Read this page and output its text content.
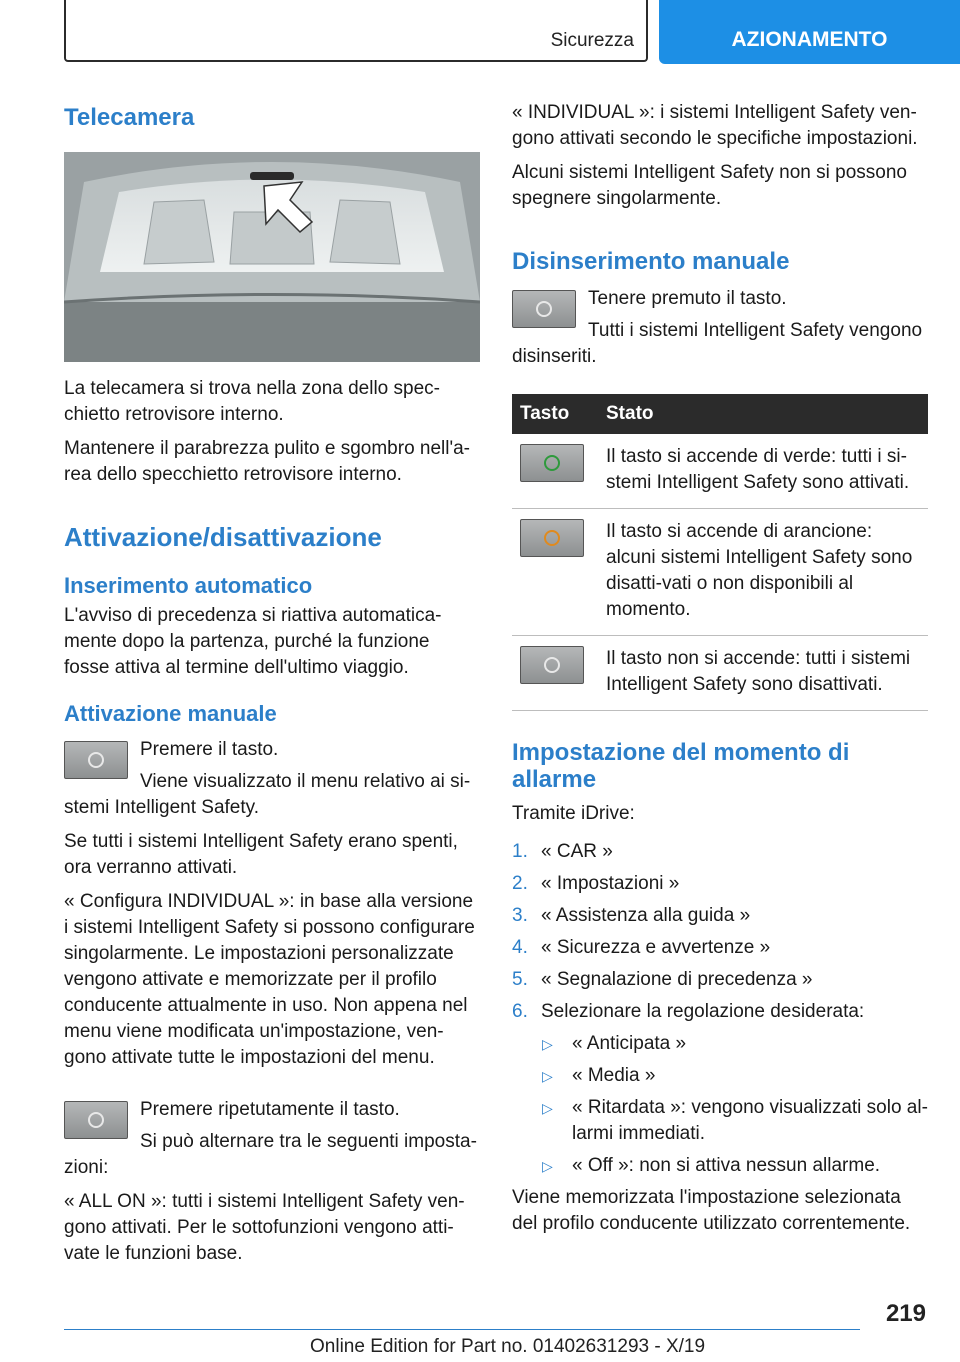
Sicurezza	AZIONAMENTO
Telecamera

La telecamera si trova nella zona dello spec-chietto retrovisore interno.

Mantenere il parabrezza pulito e sgombro nell'a-rea dello specchietto retrovisore interno.

Attivazione/disattivazione
Inserimento automatico

L'avviso di precedenza si riattiva automatica-mente dopo la partenza, purché la funzione fosse attiva al termine dell'ultimo viaggio.

Attivazione manuale

Premere il tasto.

Viene visualizzato il menu relativo ai si-stemi Intelligent Safety.

Se tutti i sistemi Intelligent Safety erano spenti, ora verranno attivati.

« Configura INDIVIDUAL »: in base alla versione i sistemi Intelligent Safety si possono configurare singolarmente. Le impostazioni personalizzate vengono attivate e memorizzate per il profilo conducente attualmente in uso. Non appena nel menu viene modificata un'impostazione, ven-gono attivate tutte le impostazioni del menu.

Premere ripetutamente il tasto.

Si può alternare tra le seguenti imposta-zioni:

« ALL ON »: tutti i sistemi Intelligent Safety ven-gono attivati. Per le sottofunzioni vengono atti-vate le funzioni base.

« INDIVIDUAL »: i sistemi Intelligent Safety ven-gono attivati secondo le specifiche impostazioni.

Alcuni sistemi Intelligent Safety non si possono spegnere singolarmente.

Disinserimento manuale

Tenere premuto il tasto.

Tutti i sistemi Intelligent Safety vengono disinseriti.

Tasto	Stato

	Il tasto si accende di verde: tutti i si-stemi Intelligent Safety sono attivati.

	Il tasto si accende di arancione: alcuni sistemi Intelligent Safety sono disatti-vati o non disponibili al momento.

	Il tasto non si accende: tutti i sistemi Intelligent Safety sono disattivati.
Impostazione del momento di allarme

Tramite iDrive:

1. « CAR »
2. « Impostazioni »
3. « Assistenza alla guida »
4. « Sicurezza e avvertenze »
5. « Segnalazione di precedenza »
6. Selezionare la regolazione desiderata:
▷ « Anticipata »
▷ « Media »
▷ « Ritardata »: vengono visualizzati solo al-larmi immediati.
▷ « Off »: non si attiva nessun allarme.

Viene memorizzata l'impostazione selezionata del profilo conducente utilizzato correntemente.

219
Online Edition for Part no. 01402631293 - X/19
